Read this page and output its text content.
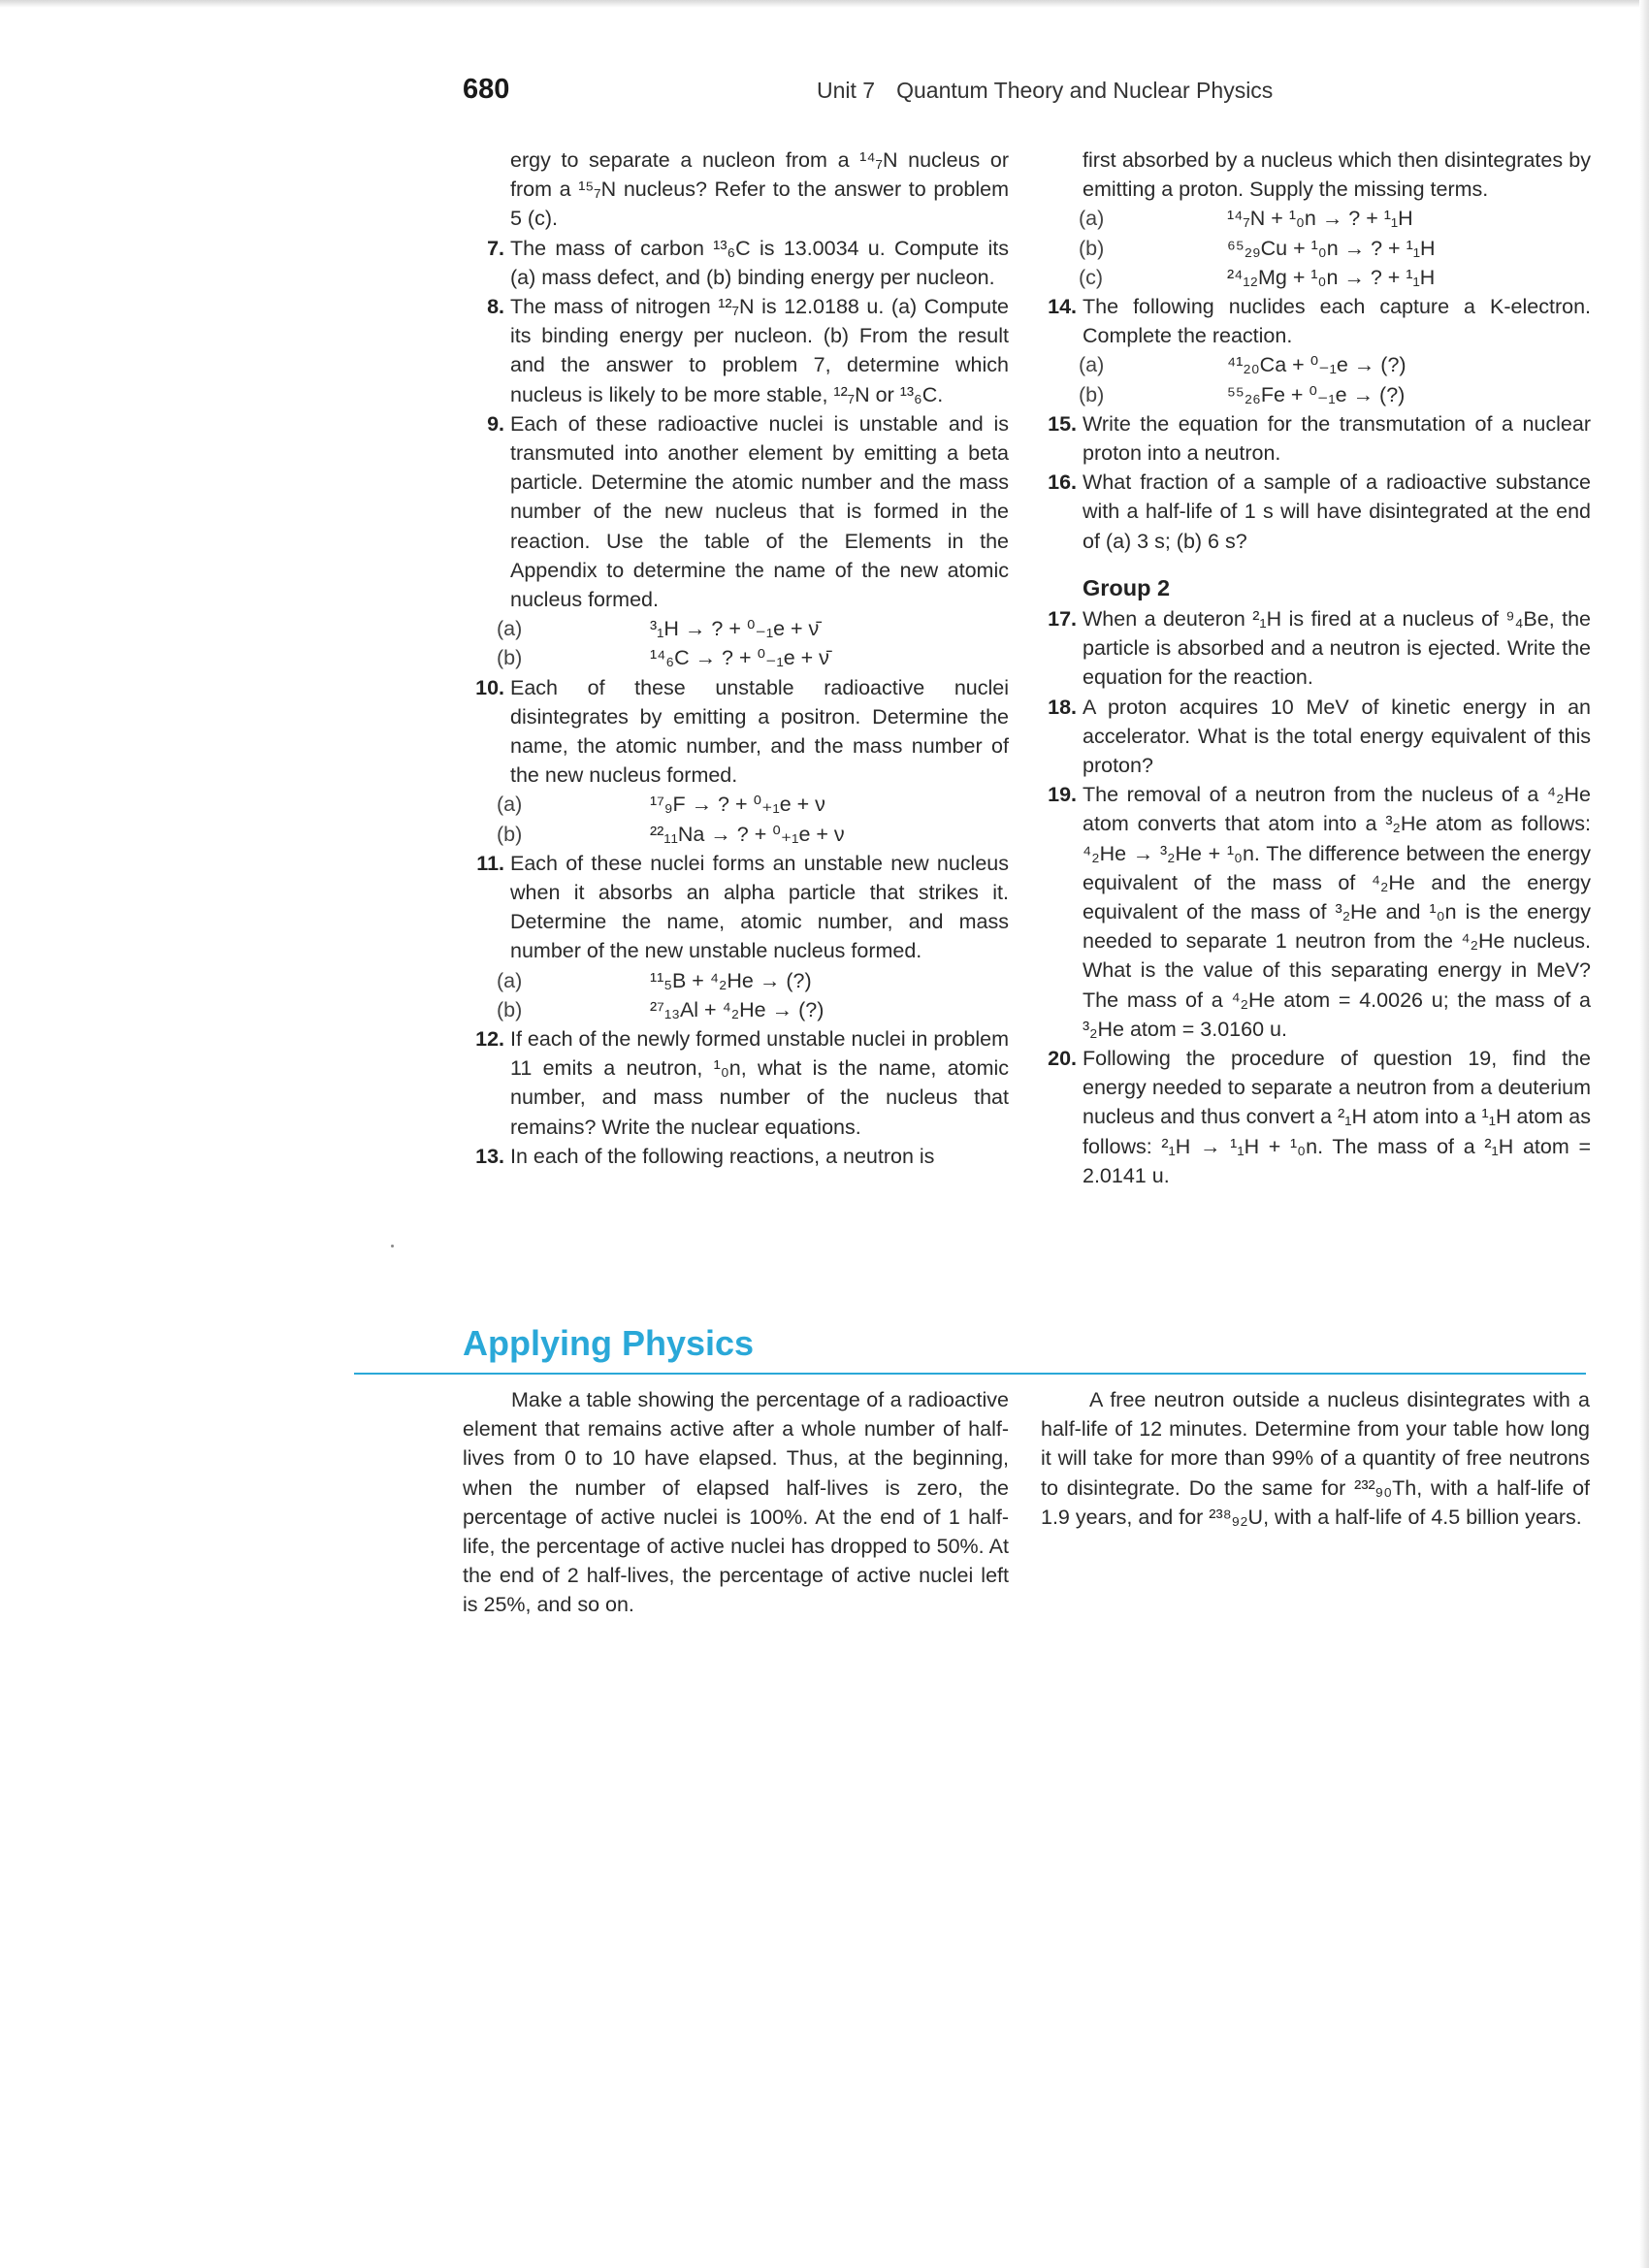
680	Unit 7 Quantum Theory and Nuclear Physics
ergy to separate a nucleon from a ¹⁴₇N nucleus or from a ¹⁵₇N nucleus? Refer to the answer to problem 5 (c).
7. The mass of carbon ¹³₆C is 13.0034 u. Compute its (a) mass defect, and (b) binding energy per nucleon.
8. The mass of nitrogen ¹²₇N is 12.0188 u. (a) Compute its binding energy per nucleon. (b) From the result and the answer to problem 7, determine which nucleus is likely to be more stable, ¹²₇N or ¹³₆C.
9. Each of these radioactive nuclei is unstable and is transmuted into another element by emitting a beta particle. Determine the atomic number and the mass number of the new nucleus that is formed in the reaction. Use the table of the Elements in the Appendix to determine the name of the new atomic nucleus formed.
(a)	³₁H → ? + ⁰₋₁e + ν̄
(b)	¹⁴₆C → ? + ⁰₋₁e + ν̄
10. Each of these unstable radioactive nuclei disintegrates by emitting a positron. Determine the name, the atomic number, and the mass number of the new nucleus formed.
(a)	¹⁷₉F → ? + ⁰₊₁e + ν
(b)	²²₁₁Na → ? + ⁰₊₁e + ν
11. Each of these nuclei forms an unstable new nucleus when it absorbs an alpha particle that strikes it. Determine the name, atomic number, and mass number of the new unstable nucleus formed.
(a)	¹¹₅B + ⁴₂He → (?)
(b)	²⁷₁₃Al + ⁴₂He → (?)
12. If each of the newly formed unstable nuclei in problem 11 emits a neutron, ¹₀n, what is the name, atomic number, and mass number of the nucleus that remains? Write the nuclear equations.
13. In each of the following reactions, a neutron is
first absorbed by a nucleus which then disintegrates by emitting a proton. Supply the missing terms.
(a)	¹⁴₇N + ¹₀n → ? + ¹₁H
(b)	⁶⁵₂₉Cu + ¹₀n → ? + ¹₁H
(c)	²⁴₁₂Mg + ¹₀n → ? + ¹₁H
14. The following nuclides each capture a K-electron. Complete the reaction.
(a)	⁴¹₂₀Ca + ⁰₋₁e → (?)
(b)	⁵⁵₂₆Fe + ⁰₋₁e → (?)
15. Write the equation for the transmutation of a nuclear proton into a neutron.
16. What fraction of a sample of a radioactive substance with a half-life of 1 s will have disintegrated at the end of (a) 3 s; (b) 6 s?
Group 2
17. When a deuteron ²₁H is fired at a nucleus of ⁹₄Be, the particle is absorbed and a neutron is ejected. Write the equation for the reaction.
18. A proton acquires 10 MeV of kinetic energy in an accelerator. What is the total energy equivalent of this proton?
19. The removal of a neutron from the nucleus of a ⁴₂He atom converts that atom into a ³₂He atom as follows: ⁴₂He → ³₂He + ¹₀n. The difference between the energy equivalent of the mass of ⁴₂He and the energy equivalent of the mass of ³₂He and ¹₀n is the energy needed to separate 1 neutron from the ⁴₂He nucleus. What is the value of this separating energy in MeV? The mass of a ⁴₂He atom = 4.0026 u; the mass of a ³₂He atom = 3.0160 u.
20. Following the procedure of question 19, find the energy needed to separate a neutron from a deuterium nucleus and thus convert a ²₁H atom into a ¹₁H atom as follows: ²₁H → ¹₁H + ¹₀n. The mass of a ²₁H atom = 2.0141 u.
Applying Physics

Make a table showing the percentage of a radioactive element that remains active after a whole number of half-lives from 0 to 10 have elapsed. Thus, at the beginning, when the number of elapsed half-lives is zero, the percentage of active nuclei is 100%. At the end of 1 half-life, the percentage of active nuclei has dropped to 50%. At the end of 2 half-lives, the percentage of active nuclei left is 25%, and so on.

A free neutron outside a nucleus disintegrates with a half-life of 12 minutes. Determine from your table how long it will take for more than 99% of a quantity of free neutrons to disintegrate. Do the same for ²³²₉₀Th, with a half-life of 1.9 years, and for ²³⁸₉₂U, with a half-life of 4.5 billion years.
